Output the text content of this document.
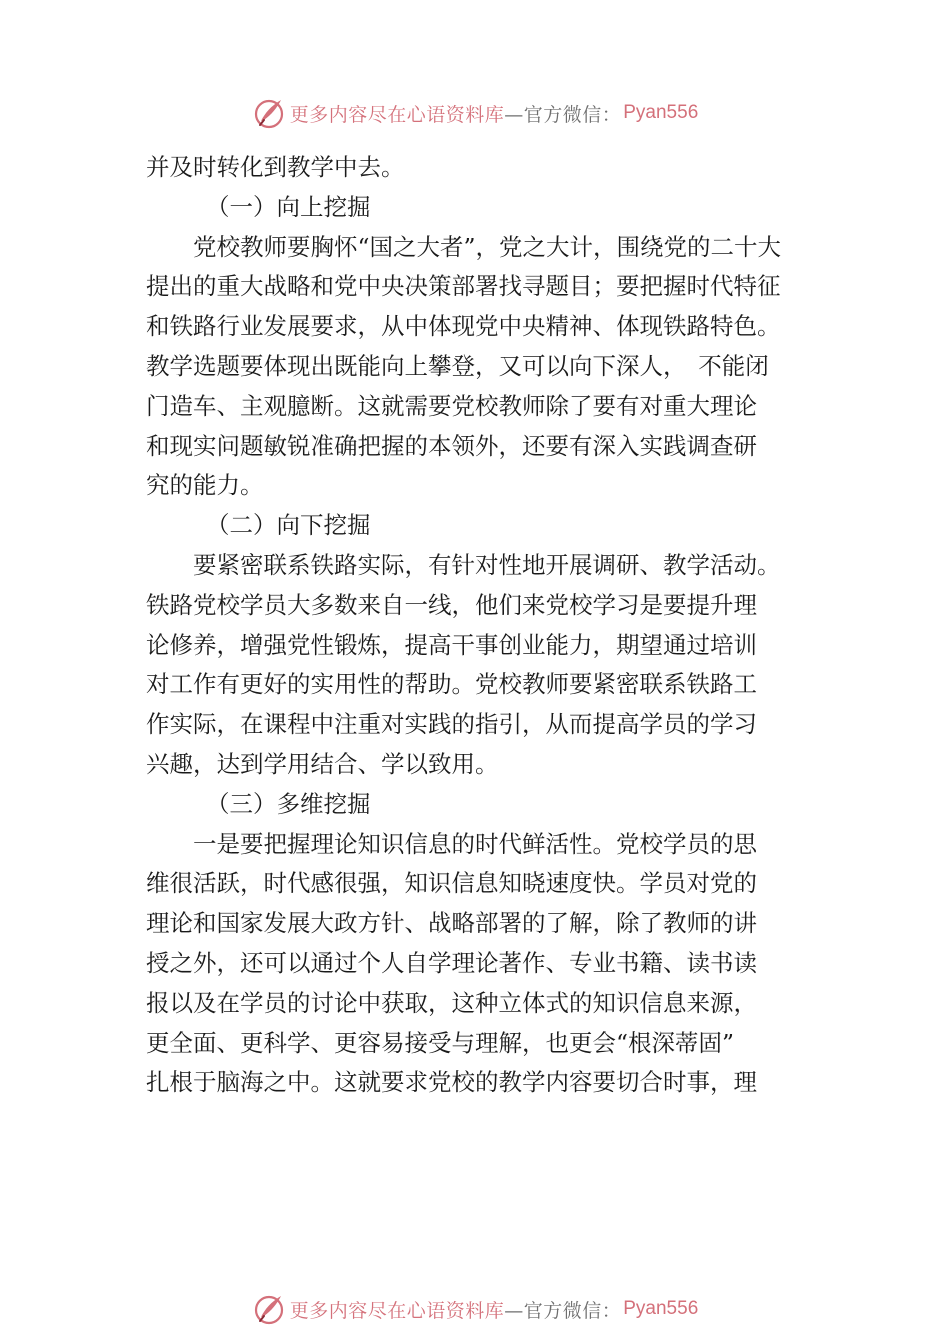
更多内容尽在心语资料库 —官方微信： Pyan556
并及时转化到教学中去。
（一）向上挖掘
党校教师要胸怀“国之大者”，党之大计，围绕党的二十大
提出的重大战略和党中央决策部署找寻题目；要把握时代特征
和铁路行业发展要求，从中体现党中央精神、体现铁路特色。
教学选题要体现出既能向上攀登，又可以向下深人，　不能闭
门造车、主观臆断。这就需要党校教师除了要有对重大理论
和现实问题敏锐准确把握的本领外，还要有深入实践调查研
究的能力。
（二）向下挖掘
要紧密联系铁路实际，有针对性地开展调研、教学活动。
铁路党校学员大多数来自一线，他们来党校学习是要提升理
论修养，增强党性锻炼，提高干事创业能力，期望通过培训
对工作有更好的实用性的帮助。党校教师要紧密联系铁路工
作实际，在课程中注重对实践的指引，从而提高学员的学习
兴趣，达到学用结合、学以致用。
（三）多维挖掘
一是要把握理论知识信息的时代鲜活性。党校学员的思
维很活跃，时代感很强，知识信息知晓速度快。学员对党的
理论和国家发展大政方针、战略部署的了解，除了教师的讲
授之外，还可以通过个人自学理论著作、专业书籍、读书读
报以及在学员的讨论中获取，这种立体式的知识信息来源，
更全面、更科学、更容易接受与理解，也更会“根深蒂固”
扎根于脑海之中。这就要求党校的教学内容要切合时事，理
更多内容尽在心语资料库 —官方微信： Pyan556
